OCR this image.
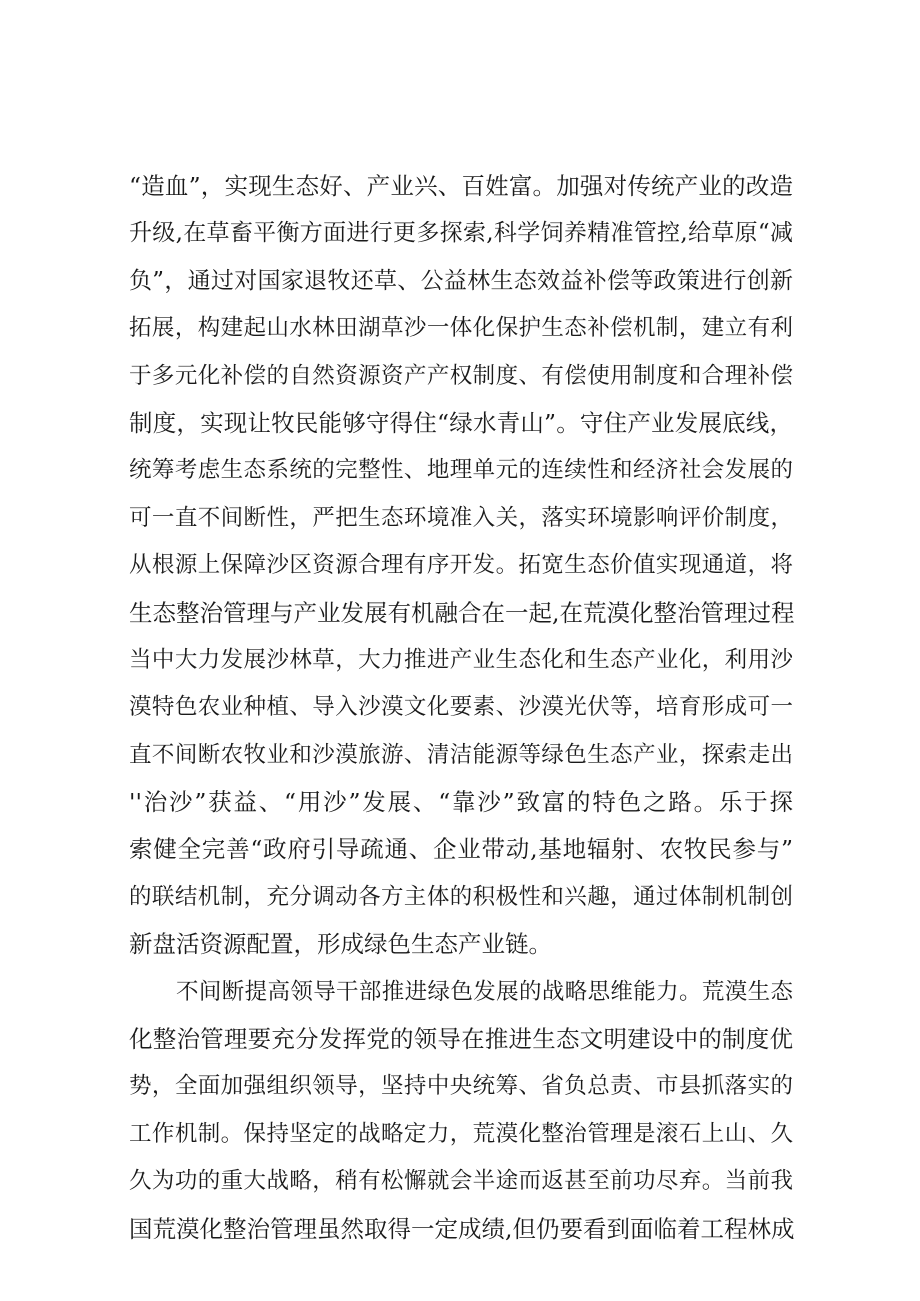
“造血”，实现生态好、产业兴、百姓富。加强对传统产业的改造
升级,在草畜平衡方面进行更多探索,科学饲养精准管控,给草原“减
负”，通过对国家退牧还草、公益林生态效益补偿等政策进行创新
拓展，构建起山水林田湖草沙一体化保护生态补偿机制，建立有利
于多元化补偿的自然资源资产产权制度、有偿使用制度和合理补偿
制度，实现让牧民能够守得住“绿水青山”。守住产业发展底线，
统筹考虑生态系统的完整性、地理单元的连续性和经济社会发展的
可一直不间断性，严把生态环境准入关，落实环境影响评价制度，
从根源上保障沙区资源合理有序开发。拓宽生态价值实现通道，将
生态整治管理与产业发展有机融合在一起,在荒漠化整治管理过程
当中大力发展沙林草，大力推进产业生态化和生态产业化，利用沙
漠特色农业种植、导入沙漠文化要素、沙漠光伏等，培育形成可一
直不间断农牧业和沙漠旅游、清洁能源等绿色生态产业，探索走出
''治沙”获益、“用沙”发展、“靠沙”致富的特色之路。乐于探
索健全完善“政府引导疏通、企业带动,基地辐射、农牧民参与”
的联结机制，充分调动各方主体的积极性和兴趣，通过体制机制创
新盘活资源配置，形成绿色生态产业链。
不间断提高领导干部推进绿色发展的战略思维能力。荒漠生态
化整治管理要充分发挥党的领导在推进生态文明建设中的制度优
势，全面加强组织领导，坚持中央统筹、省负总责、市县抓落实的
工作机制。保持坚定的战略定力，荒漠化整治管理是滚石上山、久
久为功的重大战略，稍有松懈就会半途而返甚至前功尽弃。当前我
国荒漠化整治管理虽然取得一定成绩,但仍要看到面临着工程林成
